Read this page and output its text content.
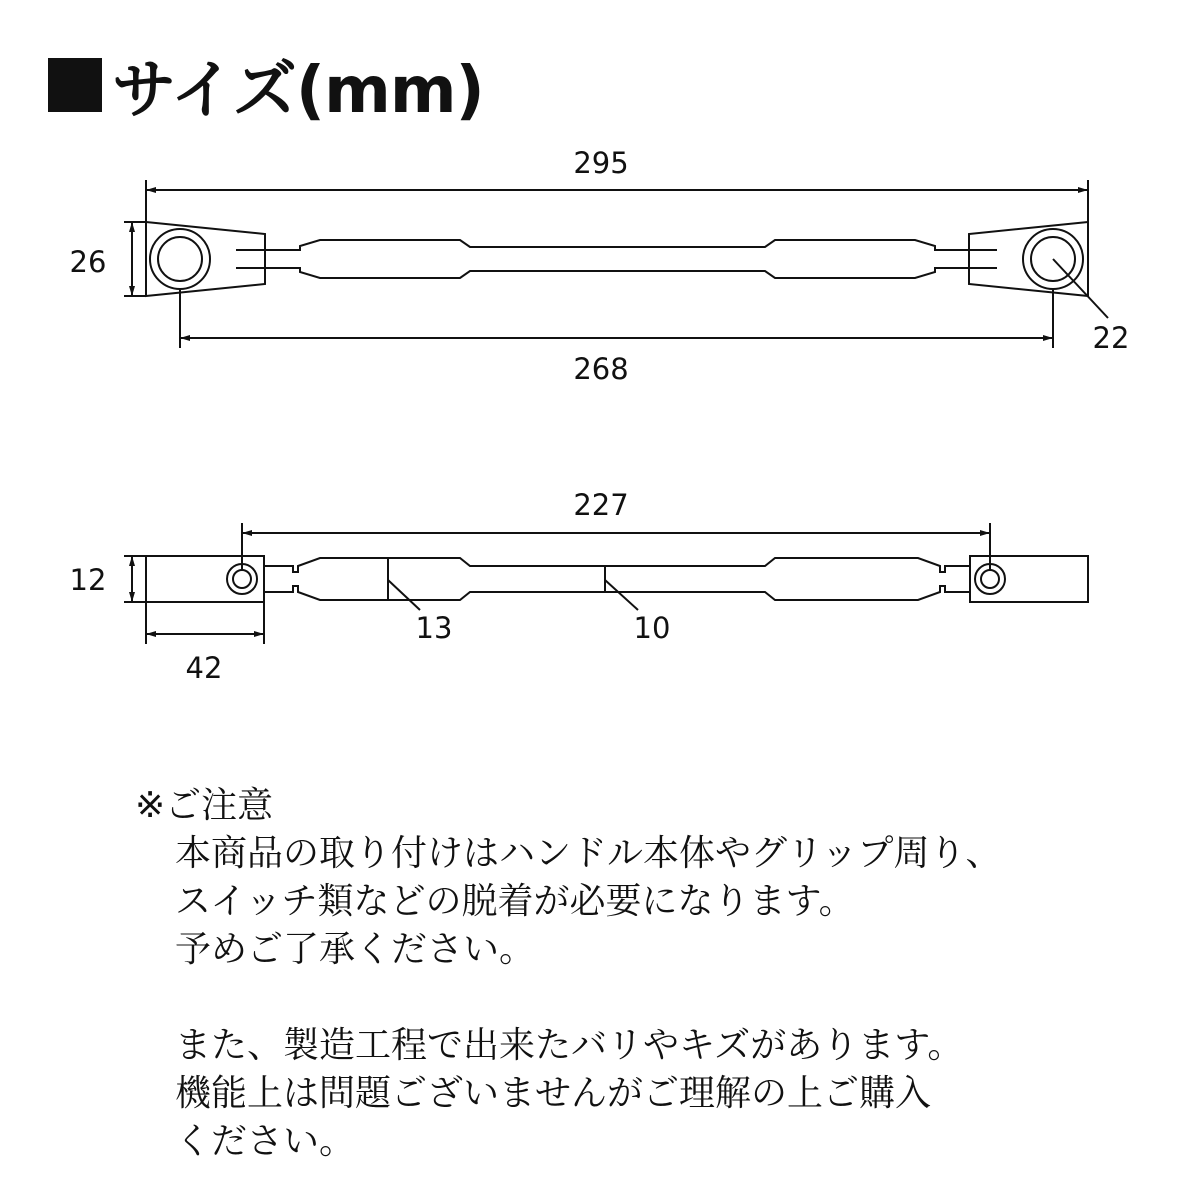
サイズ(mm)
295
26
22
268
227
12
42
13	10
※ご注意
本商品の取り付けはハンドル本体やグリップ周り、
スイッチ類などの脱着が必要になります。
予めご了承ください。
また、製造工程で出来たバリやキズがあります。
機能上は問題ございませんがご理解の上ご購入
ください。
